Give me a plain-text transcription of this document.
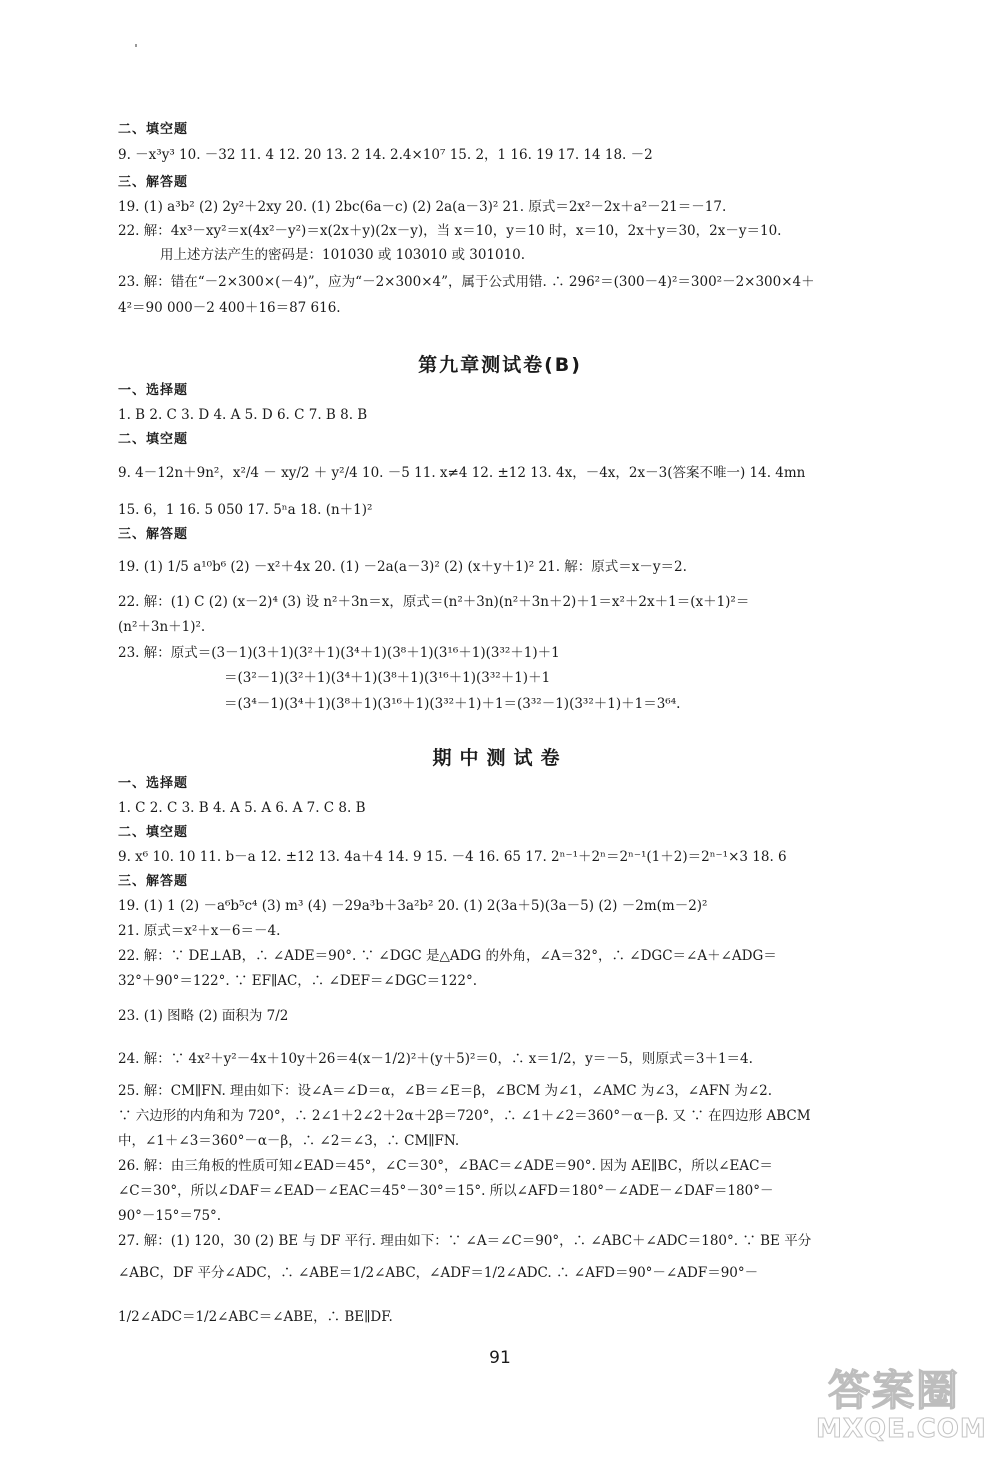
二、填空题
9. －x³y³ 10. －32 11. 4 12. 20 13. 2 14. 2.4×10⁷ 15. 2，1 16. 19 17. 14 18. －2
三、解答题
19. (1) a³b² (2) 2y²＋2xy 20. (1) 2bc(6a－c) (2) 2a(a－3)² 21. 原式＝2x²－2x＋a²－21＝－17.
22. 解：4x³－xy²＝x(4x²－y²)＝x(2x＋y)(2x－y)，当 x＝10，y＝10 时，x＝10，2x＋y＝30，2x－y＝10.
用上述方法产生的密码是：101030 或 103010 或 301010.
23. 解：错在“－2×300×(－4)”，应为“－2×300×4”，属于公式用错. ∴ 296²＝(300－4)²＝300²－2×300×4＋
4²＝90 000－2 400＋16＝87 616.
第九章测试卷(B)
一、选择题
1. B 2. C 3. D 4. A 5. D 6. C 7. B 8. B
二、填空题
9. 4－12n＋9n²，x²/4 － xy/2 ＋ y²/4 10. －5 11. x≠4 12. ±12 13. 4x，－4x，2x－3(答案不唯一) 14. 4mn
15. 6，1 16. 5 050 17. 5ⁿa 18. (n＋1)²
三、解答题
19. (1) 1/5 a¹⁰b⁶ (2) －x²＋4x 20. (1) －2a(a－3)² (2) (x＋y＋1)² 21. 解：原式＝x－y＝2.
22. 解：(1) C (2) (x－2)⁴ (3) 设 n²＋3n＝x，原式＝(n²＋3n)(n²＋3n＋2)＋1＝x²＋2x＋1＝(x＋1)²＝
(n²＋3n＋1)².
23. 解：原式＝(3－1)(3＋1)(3²＋1)(3⁴＋1)(3⁸＋1)(3¹⁶＋1)(3³²＋1)＋1
＝(3²－1)(3²＋1)(3⁴＋1)(3⁸＋1)(3¹⁶＋1)(3³²＋1)＋1
＝(3⁴－1)(3⁴＋1)(3⁸＋1)(3¹⁶＋1)(3³²＋1)＋1＝(3³²－1)(3³²＋1)＋1＝3⁶⁴.
期中测试卷
一、选择题
1. C 2. C 3. B 4. A 5. A 6. A 7. C 8. B
二、填空题
9. x⁶ 10. 10 11. b－a 12. ±12 13. 4a＋4 14. 9 15. －4 16. 65 17. 2ⁿ⁻¹＋2ⁿ＝2ⁿ⁻¹(1＋2)＝2ⁿ⁻¹×3 18. 6
三、解答题
19. (1) 1 (2) －a⁶b⁵c⁴ (3) m³ (4) －29a³b＋3a²b² 20. (1) 2(3a＋5)(3a－5) (2) －2m(m－2)²
21. 原式＝x²＋x－6＝－4.
22. 解：∵ DE⊥AB，∴ ∠ADE＝90°. ∵ ∠DGC 是△ADG 的外角，∠A＝32°，∴ ∠DGC＝∠A＋∠ADG＝
32°＋90°＝122°. ∵ EF∥AC，∴ ∠DEF＝∠DGC＝122°.
23. (1) 图略 (2) 面积为 7/2
24. 解：∵ 4x²＋y²－4x＋10y＋26＝4(x－1/2)²＋(y＋5)²＝0，∴ x＝1/2，y＝－5，则原式＝3＋1＝4.
25. 解：CM∥FN. 理由如下：设∠A＝∠D＝α，∠B＝∠E＝β，∠BCM 为∠1，∠AMC 为∠3，∠AFN 为∠2.
∵ 六边形的内角和为 720°，∴ 2∠1＋2∠2＋2α＋2β＝720°，∴ ∠1＋∠2＝360°－α－β. 又 ∵ 在四边形 ABCM
中，∠1＋∠3＝360°－α－β，∴ ∠2＝∠3，∴ CM∥FN.
26. 解：由三角板的性质可知∠EAD＝45°，∠C＝30°，∠BAC＝∠ADE＝90°. 因为 AE∥BC，所以∠EAC＝
∠C＝30°，所以∠DAF＝∠EAD－∠EAC＝45°－30°＝15°. 所以∠AFD＝180°－∠ADE－∠DAF＝180°－
90°－15°＝75°.
27. 解：(1) 120，30 (2) BE 与 DF 平行. 理由如下：∵ ∠A＝∠C＝90°，∴ ∠ABC＋∠ADC＝180°. ∵ BE 平分
∠ABC，DF 平分∠ADC，∴ ∠ABE＝1/2∠ABC，∠ADF＝1/2∠ADC. ∴ ∠AFD＝90°－∠ADF＝90°－
1/2∠ADC＝1/2∠ABC＝∠ABE，∴ BE∥DF.
91
答案圈
MXQE.COM
